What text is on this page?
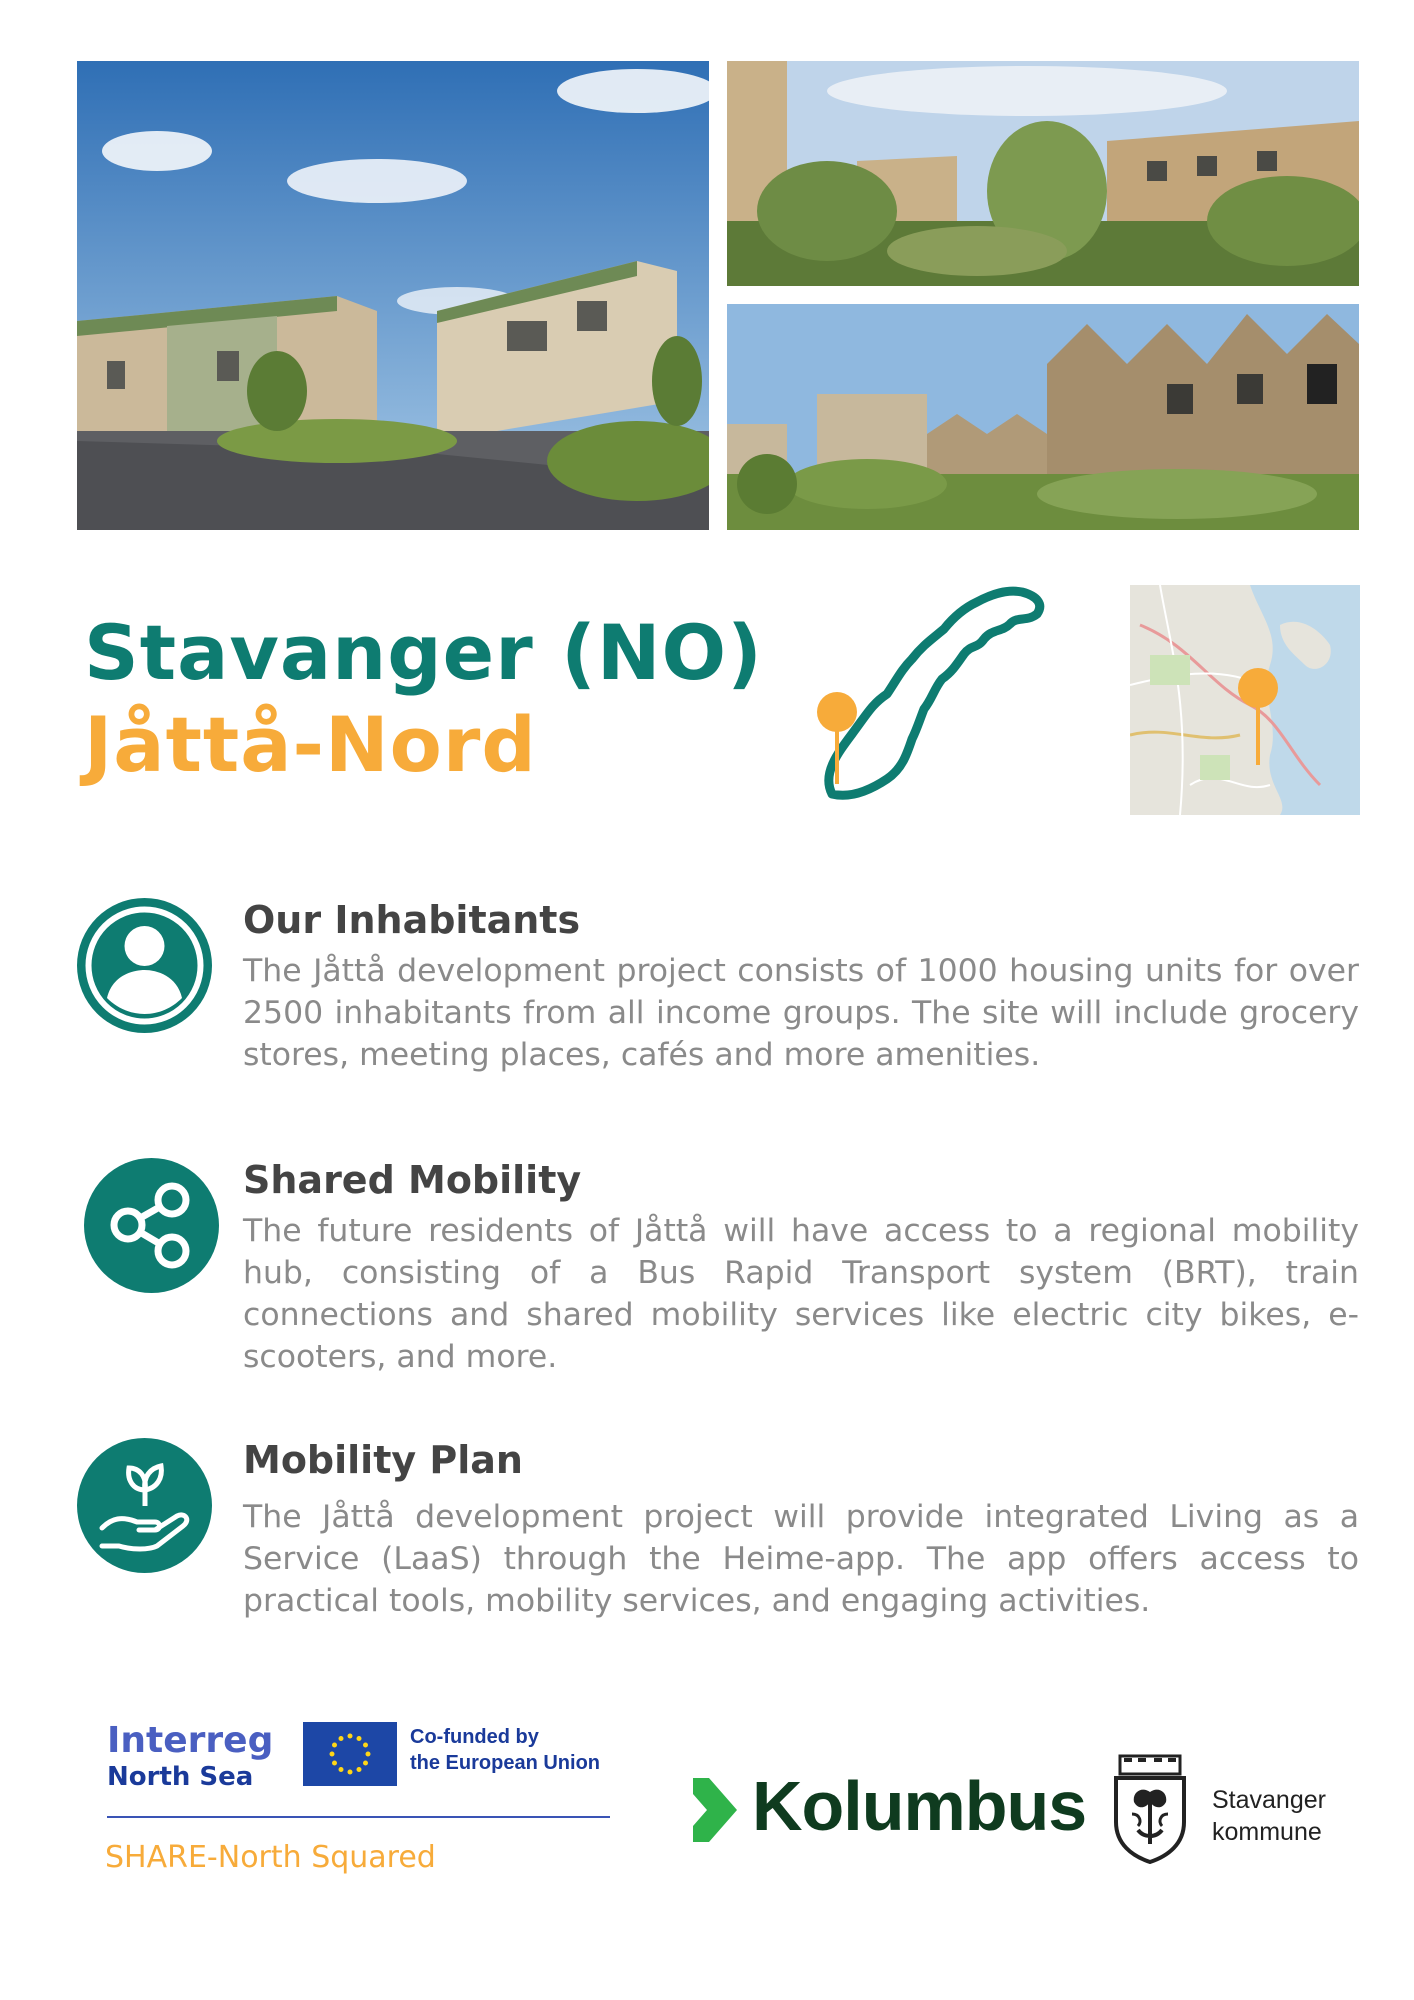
Stavanger (NO)
Jåttå-Nord
Our Inhabitants
The Jåttå development project consists of 1000 housing units for over 2500 inhabitants from all income groups. The site will include grocery stores, meeting places, cafés and more amenities.
Shared Mobility
The future residents of Jåttå will have access to a regional mobility hub, consisting of a Bus Rapid Transport system (BRT), train connections and shared mobility services like electric city bikes, e-scooters, and more.
Mobility Plan
The Jåttå development project will provide integrated Living as a Service (LaaS) through the Heime-app. The app offers access to practical tools, mobility services, and engaging activities.
Interreg
North Sea
Co-funded by
the European Union
SHARE-North Squared
Kolumbus	Stavanger
kommune
